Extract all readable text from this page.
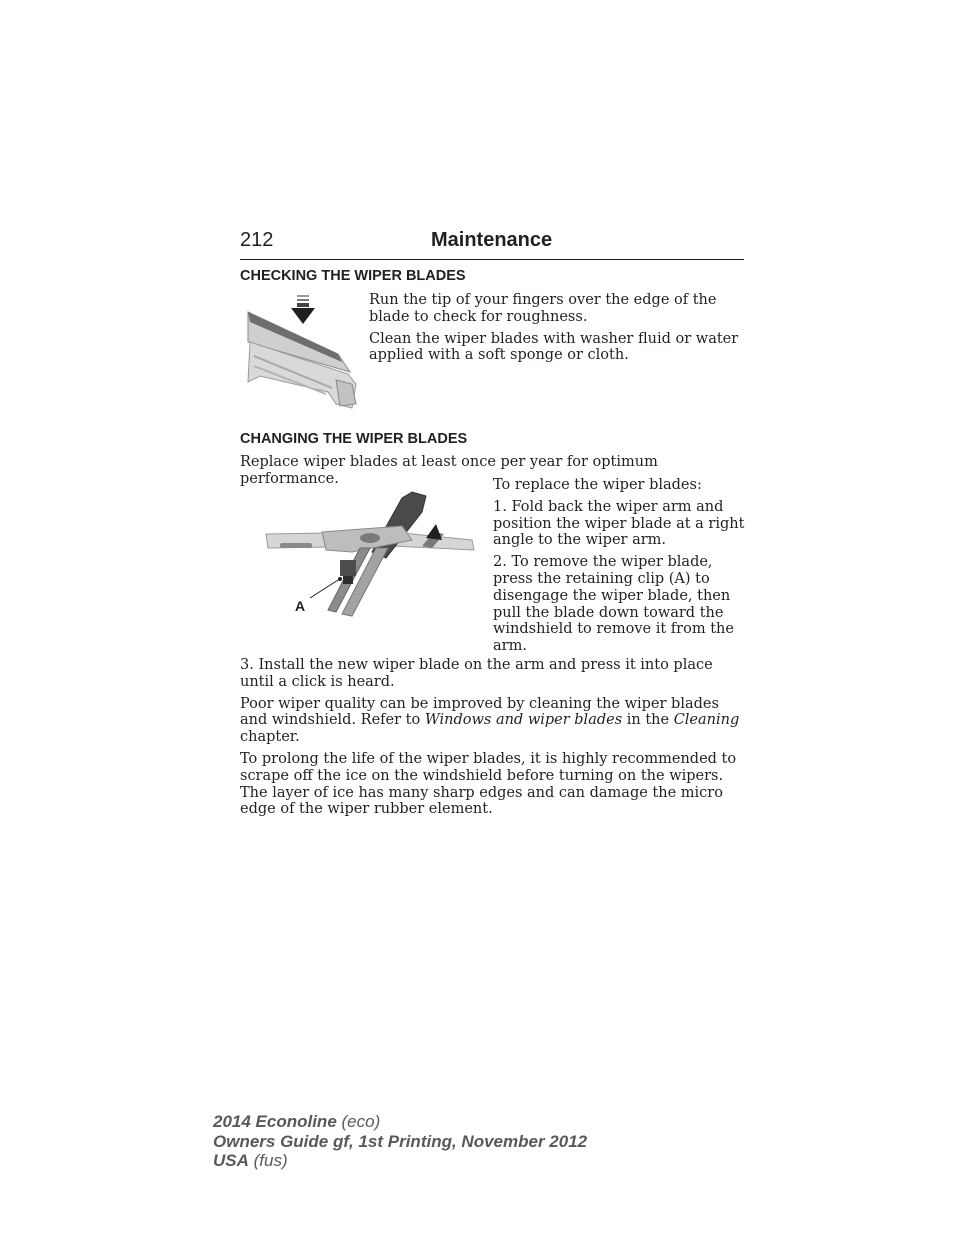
212	Maintenance
CHECKING THE WIPER BLADES

Run the tip of your fingers over the edge of the blade to check for roughness.

Clean the wiper blades with washer fluid or water applied with a soft sponge or cloth.

CHANGING THE WIPER BLADES
Replace wiper blades at least once per year for optimum performance.
A

To replace the wiper blades:

1. Fold back the wiper arm and position the wiper blade at a right angle to the wiper arm.

2. To remove the wiper blade, press the retaining clip (A) to disengage the wiper blade, then pull the blade down toward the windshield to remove it from the arm.

3. Install the new wiper blade on the arm and press it into place until a click is heard.

Poor wiper quality can be improved by cleaning the wiper blades and windshield. Refer to Windows and wiper blades in the Cleaning chapter.

To prolong the life of the wiper blades, it is highly recommended to scrape off the ice on the windshield before turning on the wipers. The layer of ice has many sharp edges and can damage the micro edge of the wiper rubber element.

2014 Econoline (eco)
Owners Guide gf, 1st Printing, November 2012
USA (fus)
